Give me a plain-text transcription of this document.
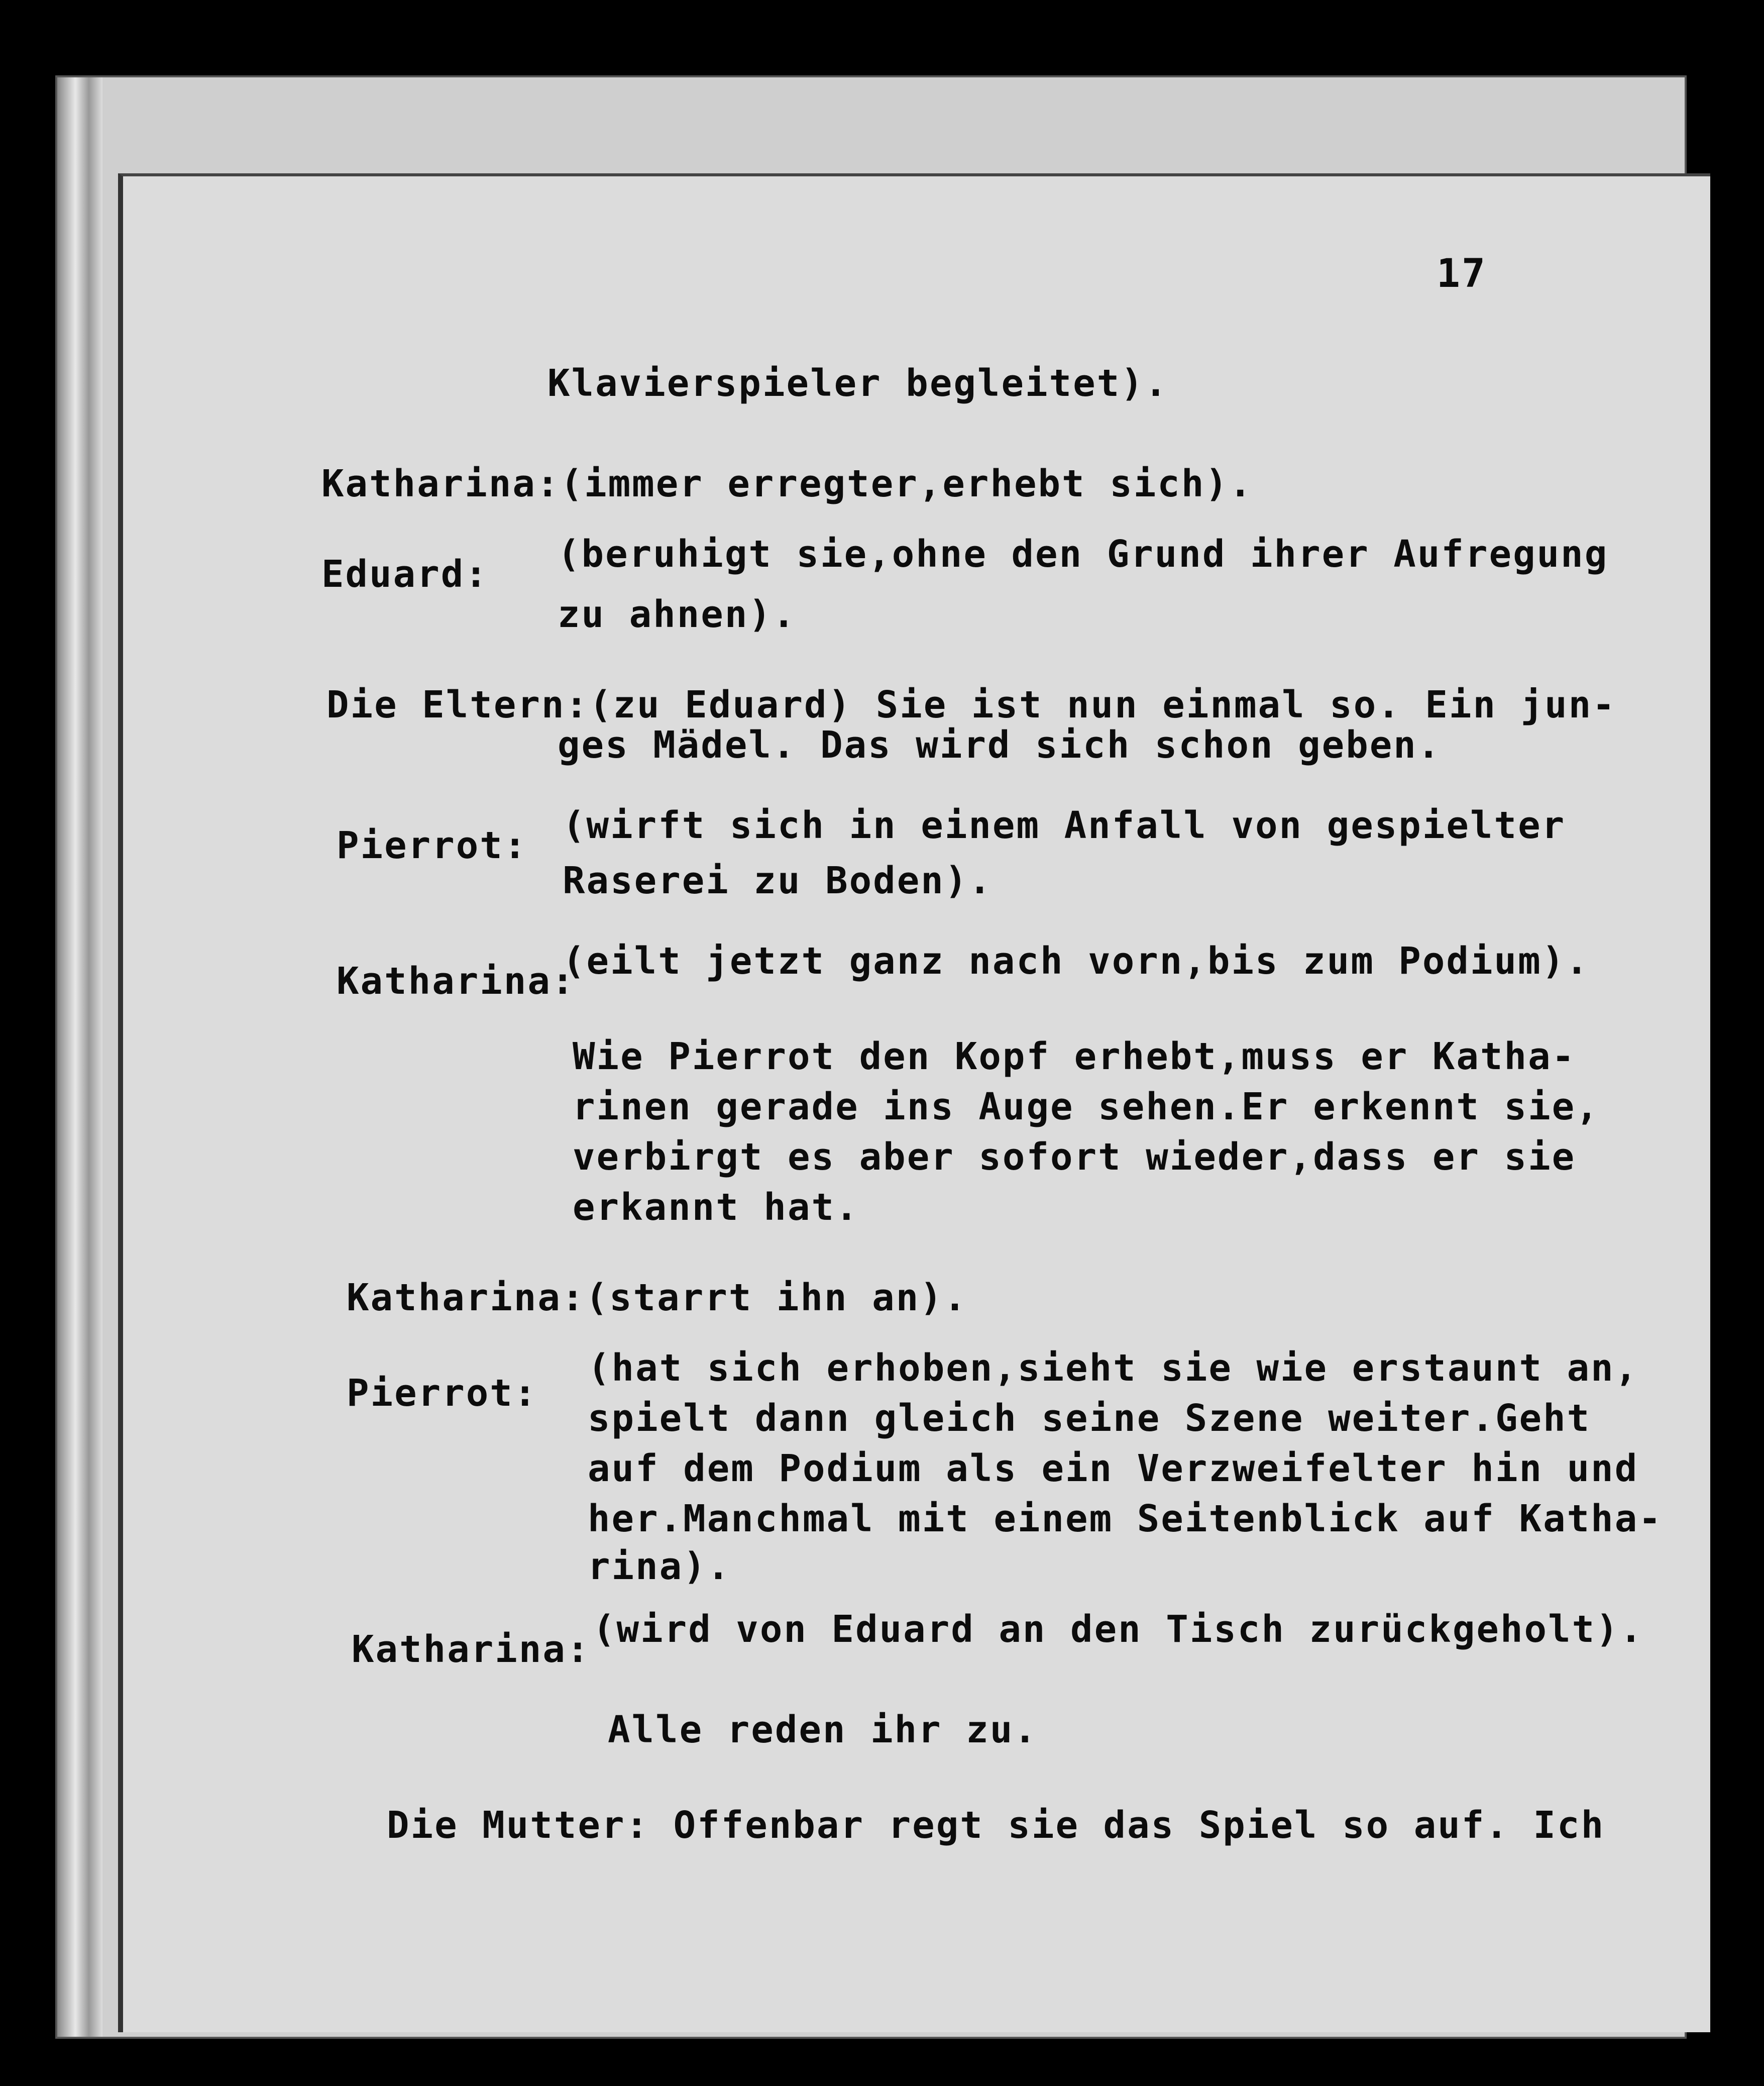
17
Klavierspieler begleitet).
Katharina:(immer erregter,erhebt sich).
Eduard: (beruhigt sie,ohne den Grund ihrer Aufregung
zu ahnen).
Die Eltern:(zu Eduard) Sie ist nun einmal so. Ein jun-
ges Mädel. Das wird sich schon geben.
Pierrot: (wirft sich in einem Anfall von gespielter
Raserei zu Boden).
Katharina:
(eilt jetzt ganz nach vorn,bis zum Podium).
Wie Pierrot den Kopf erhebt,muss er Katha-
rinen gerade ins Auge sehen.Er erkennt sie,
verbirgt es aber sofort wieder,dass er sie
erkannt hat.
Katharina:(starrt ihn an).
Pierrot:
(hat sich erhoben,sieht sie wie erstaunt an,
spielt dann gleich seine Szene weiter.Geht
auf dem Podium als ein Verzweifelter hin und
her.Manchmal mit einem Seitenblick auf Katha-
rina).
Katharina: (wird von Eduard an den Tisch zurückgeholt).
Alle reden ihr zu.
Die Mutter: Offenbar regt sie das Spiel so auf. Ich
